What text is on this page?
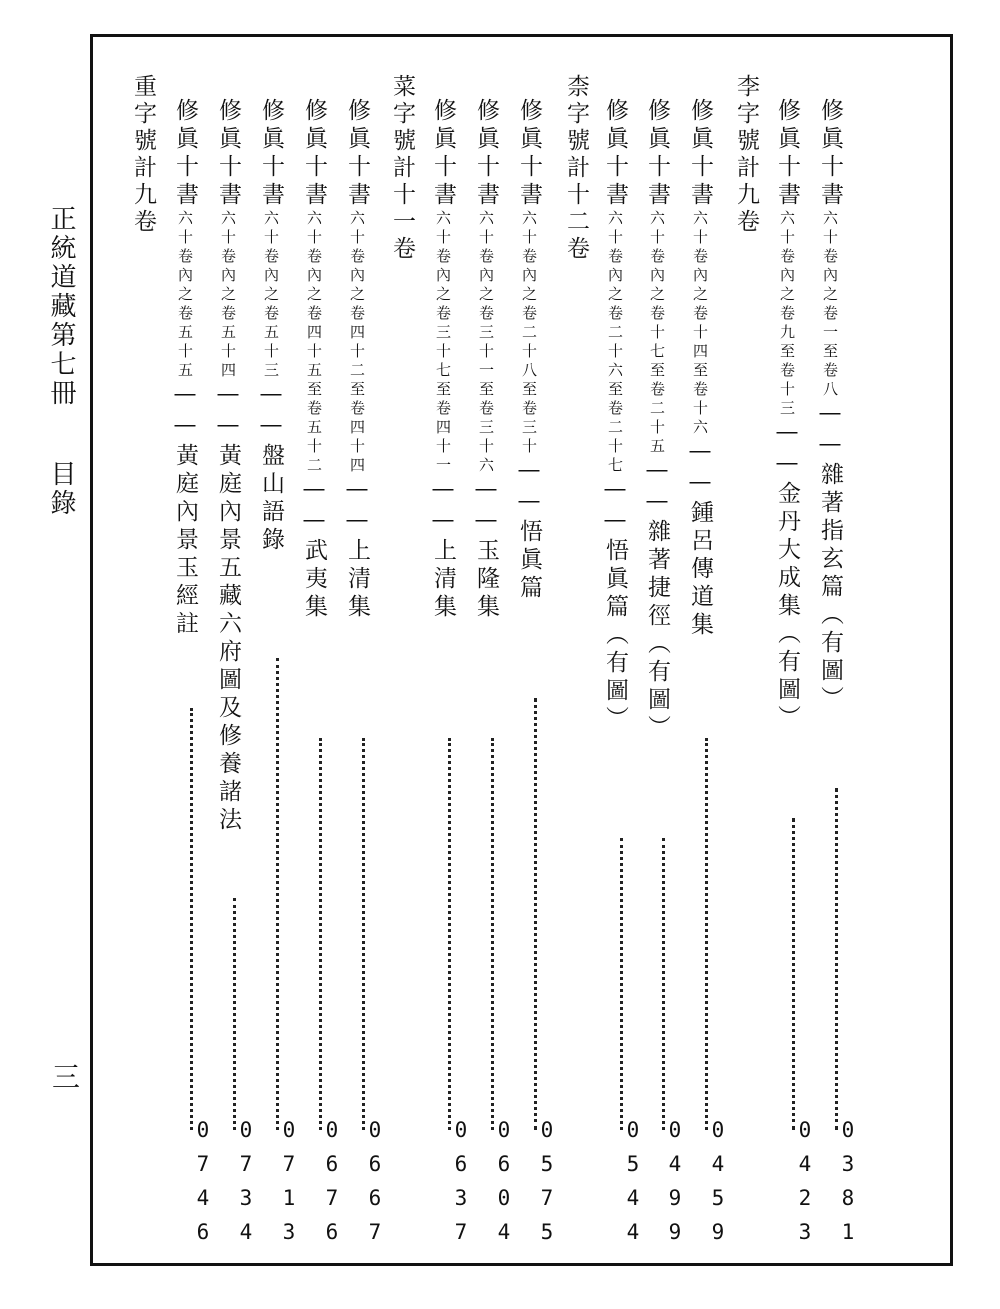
正統道藏第七冊
目錄
三
李字號計九卷
柰字號計十二卷
菜字號計十一卷
重字號計九卷	修眞十書六十卷內之卷一至卷八——雜著指玄篇（有圖）
0381
修眞十書六十卷內之卷九至卷十三——金丹大成集（有圖）
0423
修眞十書六十卷內之卷十四至卷十六——鍾呂傳道集
0459
修眞十書六十卷內之卷十七至卷二十五——雜著捷徑（有圖）
0499
修眞十書六十卷內之卷二十六至卷二十七——悟眞篇（有圖）
0544
修眞十書六十卷內之卷二十八至卷三十——悟眞篇
0575
修眞十書六十卷內之卷三十一至卷三十六——玉隆集
0604
修眞十書六十卷內之卷三十七至卷四十一——上清集
0637
修眞十書六十卷內之卷四十二至卷四十四——上清集
0667
修眞十書六十卷內之卷四十五至卷五十二——武夷集
0676
修眞十書六十卷內之卷五十三——盤山語錄
0713
修眞十書六十卷內之卷五十四——黃庭內景五藏六府圖及修養諸法
0734
修眞十書六十卷內之卷五十五——黃庭內景玉經註
0746
